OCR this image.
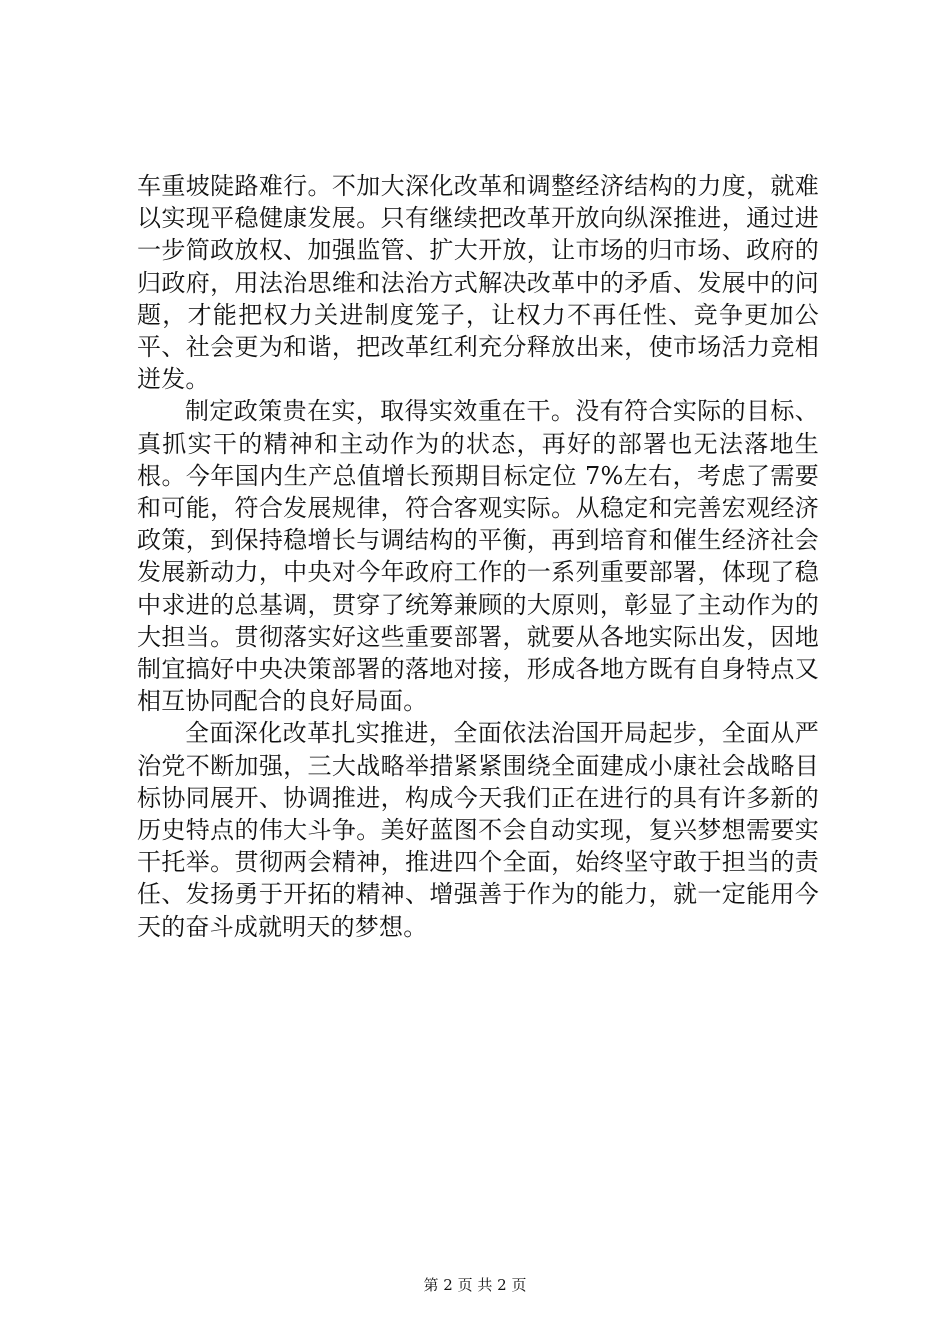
车重坡陡路难行。不加大深化改革和调整经济结构的力度，就难以实现平稳健康发展。只有继续把改革开放向纵深推进，通过进一步简政放权、加强监管、扩大开放，让市场的归市场、政府的归政府，用法治思维和法治方式解决改革中的矛盾、发展中的问题，才能把权力关进制度笼子，让权力不再任性、竞争更加公平、社会更为和谐，把改革红利充分释放出来，使市场活力竞相迸发。

制定政策贵在实，取得实效重在干。没有符合实际的目标、真抓实干的精神和主动作为的状态，再好的部署也无法落地生根。今年国内生产总值增长预期目标定位 7%左右，考虑了需要和可能，符合发展规律，符合客观实际。从稳定和完善宏观经济政策，到保持稳增长与调结构的平衡，再到培育和催生经济社会发展新动力，中央对今年政府工作的一系列重要部署，体现了稳中求进的总基调，贯穿了统筹兼顾的大原则，彰显了主动作为的大担当。贯彻落实好这些重要部署，就要从各地实际出发，因地制宜搞好中央决策部署的落地对接，形成各地方既有自身特点又相互协同配合的良好局面。

全面深化改革扎实推进，全面依法治国开局起步，全面从严治党不断加强，三大战略举措紧紧围绕全面建成小康社会战略目标协同展开、协调推进，构成今天我们正在进行的具有许多新的历史特点的伟大斗争。美好蓝图不会自动实现，复兴梦想需要实干托举。贯彻两会精神，推进四个全面，始终坚守敢于担当的责任、发扬勇于开拓的精神、增强善于作为的能力，就一定能用今天的奋斗成就明天的梦想。

第 2 页 共 2 页
